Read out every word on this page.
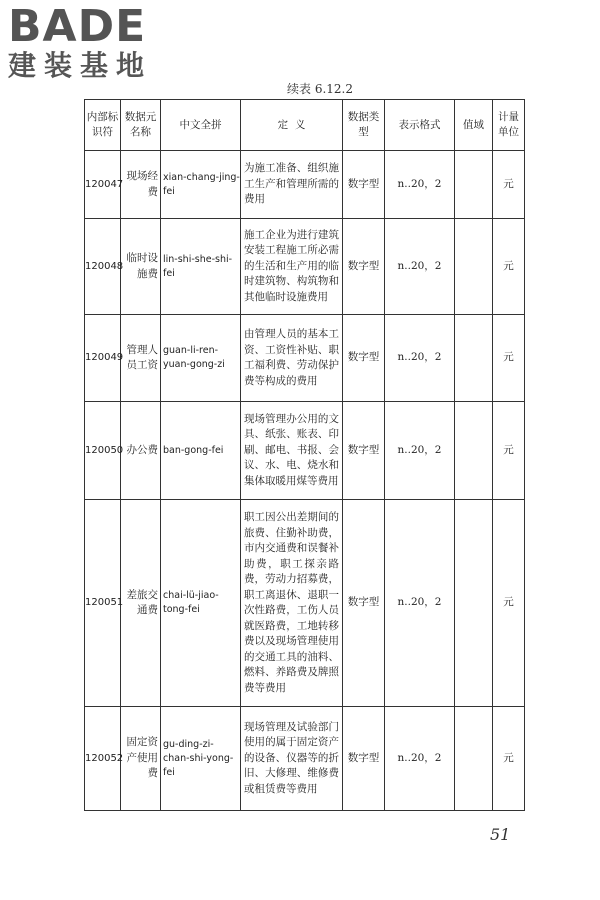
BADE
建装基地
续表 6.12.2
内部标识符	数据元名称	中文全拼	定  义	数据类型	表示格式	值域	计量单位
120047	现场经费	xian-chang-jing-fei	为施工准备、组织施工生产和管理所需的费用	数字型	n..20，2		元
120048	临时设施费	lin-shi-she-shi-fei	施工企业为进行建筑安装工程施工所必需的生活和生产用的临时建筑物、构筑物和其他临时设施费用	数字型	n..20，2		元
120049	管理人员工资	guan-li-ren-yuan-gong-zi	由管理人员的基本工资、工资性补贴、职工福利费、劳动保护费等构成的费用	数字型	n..20，2		元
120050	办公费	ban-gong-fei	现场管理办公用的文具、纸张、账表、印刷、邮电、书报、会议、水、电、烧水和集体取暖用煤等费用	数字型	n..20，2		元
120051	差旅交通费	chai-lü-jiao-tong-fei	职工因公出差期间的旅费、住勤补助费，市内交通费和误餐补助费，职工探亲路费，劳动力招募费，职工离退休、退职一次性路费，工伤人员就医路费，工地转移费以及现场管理使用的交通工具的油料、燃料、养路费及牌照费等费用	数字型	n..20，2		元
120052	固定资产使用费	gu-ding-zi-chan-shi-yong-fei	现场管理及试验部门使用的属于固定资产的设备、仪器等的折旧、大修理、维修费或租赁费等费用	数字型	n..20，2		元
51
